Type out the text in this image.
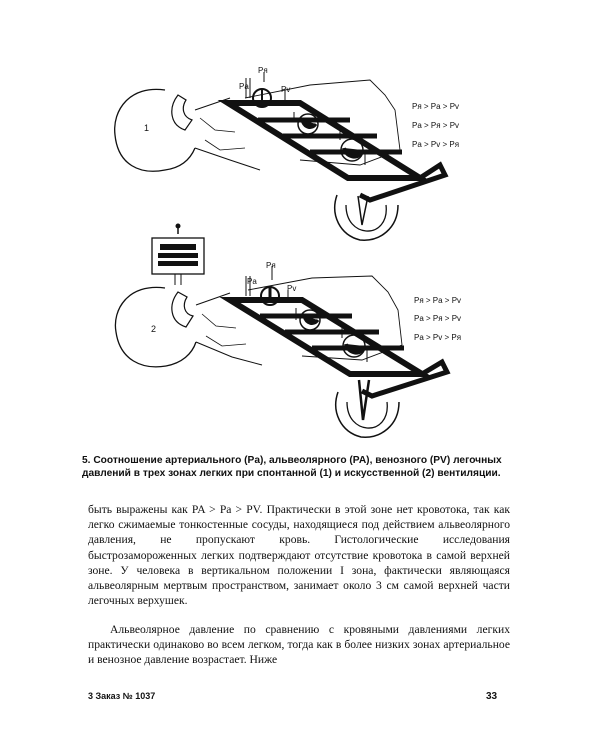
1
Pя
Pa	Pv
Pя > Pa > Pv
Pa > Pя > Pv
Pa > Pv > Pя
2
Pя
Pa
Pv
Pя > Pa > Pv
Pa > Pя > Pv
Pa > Pv > Pя
5. Соотношение артериального (Pа), альвеолярного (PA), венозного (PV) легочных давлений в трех зонах легких при спонтанной (1) и искусственной (2) вентиляции.
быть выражены как PA > Pa > PV. Практически в этой зоне нет кровотока, так как легко сжимаемые тонкостенные сосуды, находящиеся под действием альвеолярного давления, не пропускают кровь. Гистологические исследования быстрозамороженных легких подтверждают отсутствие кровотока в самой верхней зоне. У человека в вертикальном положении I зона, фактически являющаяся альвеолярным мертвым пространством, занимает около 3 см самой верхней части легочных верхушек.
Альвеолярное давление по сравнению с кровяными давлениями легких практически одинаково во всем легком, тогда как в более низких зонах артериальное и венозное давление возрастает. Ниже
3 Заказ № 1037	33
